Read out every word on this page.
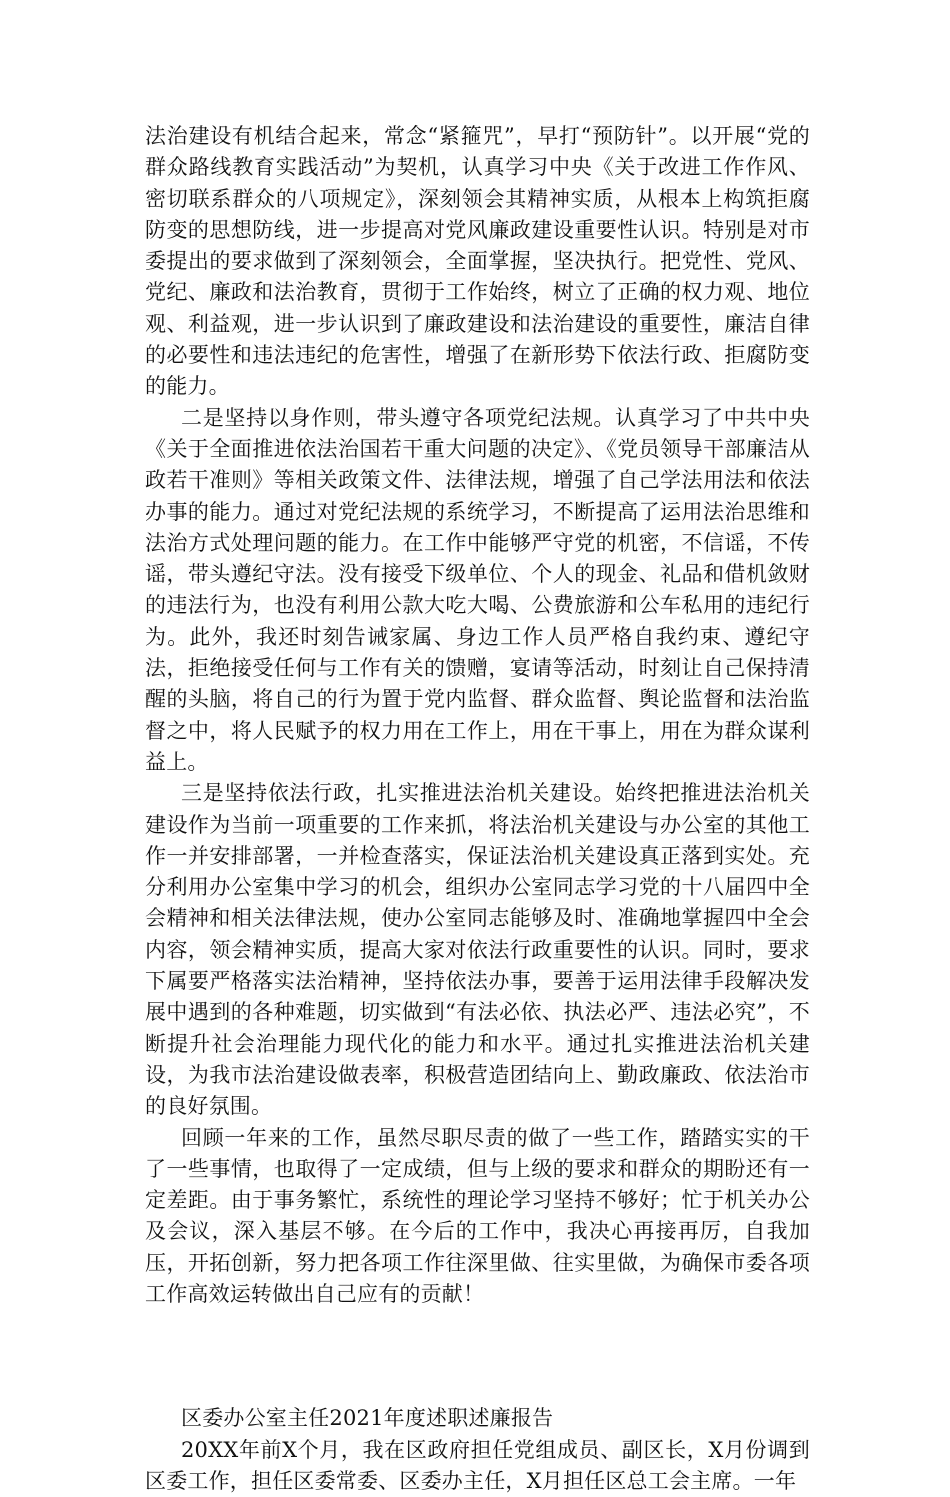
法治建设有机结合起来，常念“紧箍咒”，早打“预防针”。以开展“党的群众路线教育实践活动”为契机，认真学习中央《关于改进工作作风、密切联系群众的八项规定》，深刻领会其精神实质，从根本上构筑拒腐防变的思想防线，进一步提高对党风廉政建设重要性认识。特别是对市委提出的要求做到了深刻领会，全面掌握，坚决执行。把党性、党风、党纪、廉政和法治教育，贯彻于工作始终，树立了正确的权力观、地位观、利益观，进一步认识到了廉政建设和法治建设的重要性，廉洁自律的必要性和违法违纪的危害性，增强了在新形势下依法行政、拒腐防变的能力。

二是坚持以身作则，带头遵守各项党纪法规。认真学习了中共中央《关于全面推进依法治国若干重大问题的决定》、《党员领导干部廉洁从政若干准则》等相关政策文件、法律法规，增强了自己学法用法和依法办事的能力。通过对党纪法规的系统学习，不断提高了运用法治思维和法治方式处理问题的能力。在工作中能够严守党的机密，不信谣，不传谣，带头遵纪守法。没有接受下级单位、个人的现金、礼品和借机敛财的违法行为，也没有利用公款大吃大喝、公费旅游和公车私用的违纪行为。此外，我还时刻告诫家属、身边工作人员严格自我约束、遵纪守法，拒绝接受任何与工作有关的馈赠，宴请等活动，时刻让自己保持清醒的头脑，将自己的行为置于党内监督、群众监督、舆论监督和法治监督之中，将人民赋予的权力用在工作上，用在干事上，用在为群众谋利益上。

三是坚持依法行政，扎实推进法治机关建设。始终把推进法治机关建设作为当前一项重要的工作来抓，将法治机关建设与办公室的其他工作一并安排部署，一并检查落实，保证法治机关建设真正落到实处。充分利用办公室集中学习的机会，组织办公室同志学习党的十八届四中全会精神和相关法律法规，使办公室同志能够及时、准确地掌握四中全会内容，领会精神实质，提高大家对依法行政重要性的认识。同时，要求下属要严格落实法治精神，坚持依法办事，要善于运用法律手段解决发展中遇到的各种难题，切实做到“有法必依、执法必严、违法必究”，不断提升社会治理能力现代化的能力和水平。通过扎实推进法治机关建设，为我市法治建设做表率，积极营造团结向上、勤政廉政、依法治市的良好氛围。

回顾一年来的工作，虽然尽职尽责的做了一些工作，踏踏实实的干了一些事情，也取得了一定成绩，但与上级的要求和群众的期盼还有一定差距。由于事务繁忙，系统性的理论学习坚持不够好；忙于机关办公及会议，深入基层不够。在今后的工作中，我决心再接再厉，自我加压，开拓创新，努力把各项工作往深里做、往实里做，为确保市委各项工作高效运转做出自己应有的贡献！

区委办公室主任2021年度述职述廉报告

20XX年前X个月，我在区政府担任党组成员、副区长，X月份调到区委工作，担任区委常委、区委办主任，X月担任区总工会主席。一年
